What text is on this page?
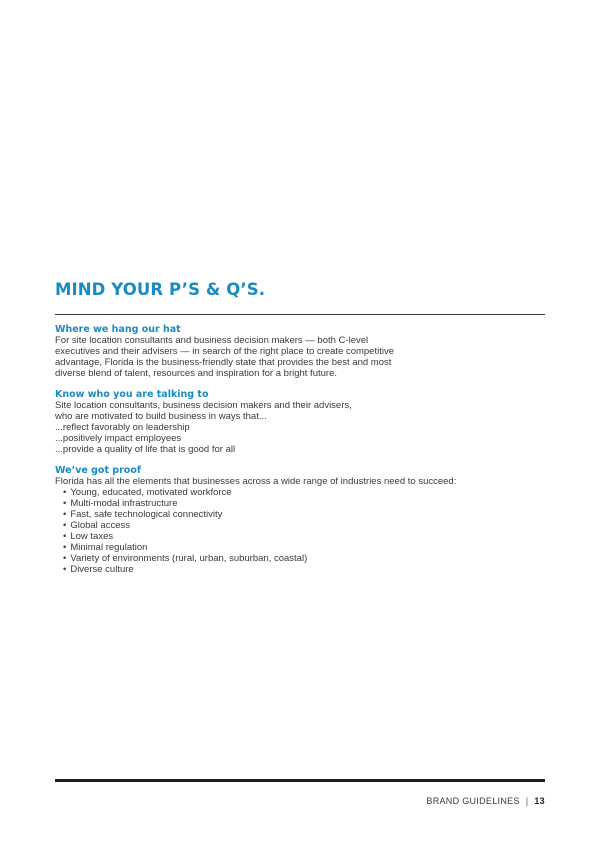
MIND YOUR P’S & Q’S.
Where we hang our hat

For site location consultants and business decision makers — both C-level

executives and their advisers — in search of the right place to create competitive

advantage, Florida is the business-friendly state that provides the best and most

diverse blend of talent, resources and inspiration for a bright future.

Know who you are talking to

Site location consultants, business decision makers and their advisers,

who are motivated to build business in ways that...

...reflect favorably on leadership

...positively impact employees

...provide a quality of life that is good for all

We’ve got proof

Florida has all the elements that businesses across a wide range of industries need to succeed:

• Young, educated, motivated workforce
• Multi-modal infrastructure
• Fast, safe technological connectivity
• Global access
• Low taxes
• Minimal regulation
• Variety of environments (rural, urban, suburban, coastal)
• Diverse culture
BRAND GUIDELINES | 13
